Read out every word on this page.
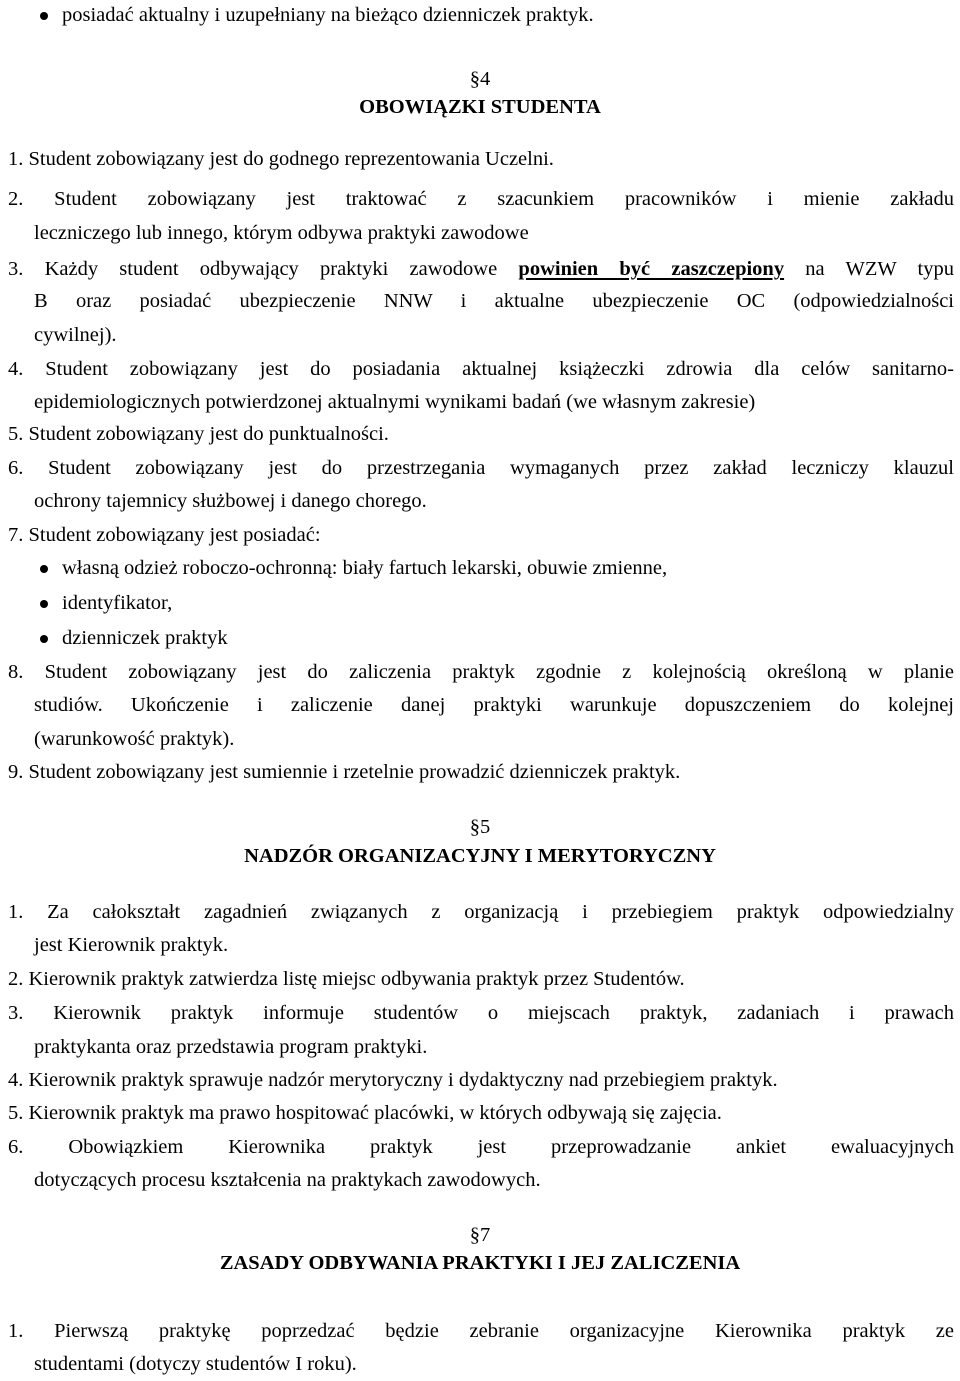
posiadać aktualny i uzupełniany na bieżąco dzienniczek praktyk.
§4
OBOWIĄZKI STUDENTA
1. Student zobowiązany jest do godnego reprezentowania Uczelni.
2. Student zobowiązany jest traktować z szacunkiem pracowników i mienie zakładu
leczniczego lub innego, którym odbywa praktyki zawodowe
3. Każdy student odbywający praktyki zawodowe powinien być zaszczepiony na WZW typu
B oraz posiadać ubezpieczenie NNW i aktualne ubezpieczenie OC (odpowiedzialności
cywilnej).
4. Student zobowiązany jest do posiadania aktualnej książeczki zdrowia dla celów sanitarno-
epidemiologicznych potwierdzonej aktualnymi wynikami badań (we własnym zakresie)
5. Student zobowiązany jest do punktualności.
6. Student zobowiązany jest do przestrzegania wymaganych przez zakład leczniczy klauzul
ochrony tajemnicy służbowej i danego chorego.
7. Student zobowiązany jest posiadać:
własną odzież roboczo-ochronną: biały fartuch lekarski, obuwie zmienne,
identyfikator,
dzienniczek praktyk
8. Student zobowiązany jest do zaliczenia praktyk zgodnie z kolejnością określoną w planie
studiów. Ukończenie i zaliczenie danej praktyki warunkuje dopuszczeniem do kolejnej
(warunkowość praktyk).
9. Student zobowiązany jest sumiennie i rzetelnie prowadzić dzienniczek praktyk.
§5
NADZÓR ORGANIZACYJNY I MERYTORYCZNY
1. Za całokształt zagadnień związanych z organizacją i przebiegiem praktyk odpowiedzialny
jest Kierownik praktyk.
2. Kierownik praktyk zatwierdza listę miejsc odbywania praktyk przez Studentów.
3. Kierownik praktyk informuje studentów o miejscach praktyk, zadaniach i prawach
praktykanta oraz przedstawia program praktyki.
4. Kierownik praktyk sprawuje nadzór merytoryczny i dydaktyczny nad przebiegiem praktyk.
5. Kierownik praktyk ma prawo hospitować placówki, w których odbywają się zajęcia.
6. Obowiązkiem Kierownika praktyk jest przeprowadzanie ankiet ewaluacyjnych
dotyczących procesu kształcenia na praktykach zawodowych.
§7
ZASADY ODBYWANIA PRAKTYKI I JEJ ZALICZENIA
1. Pierwszą praktykę poprzedzać będzie zebranie organizacyjne Kierownika praktyk ze
studentami (dotyczy studentów I roku).
